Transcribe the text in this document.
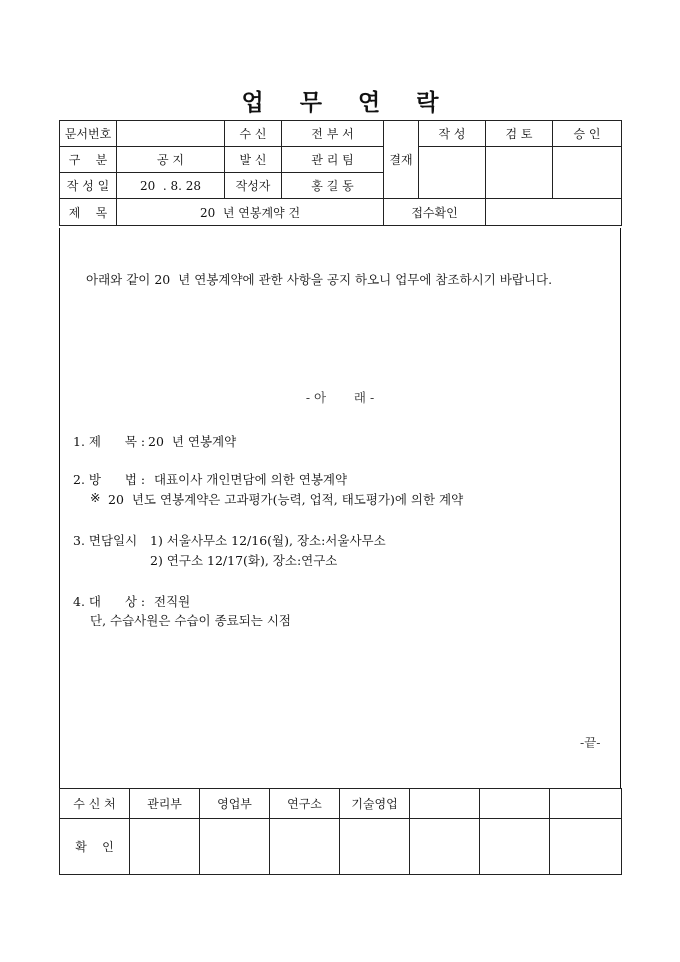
업 무 연 락
문서번호		수 신	전 부 서	결재	작 성	검 토	승 인
구    분	공 지	발 신	관 리 팀				
작 성 일	20  . 8. 28	작성자	홍 길 동				
제    목	20  년 연봉계약 건			접수확인			
아래와 같이 20  년 연봉계약에 관한 사항을 공지 하오니 업무에 참조하시기 바랍니다.
- 아       래 -
1. 제      목 : 20  년 연봉계약
2. 방      법 : 대표이사 개인면담에 의한 연봉계약
※ 20  년도 연봉계약은 고과평가(능력, 업적, 태도평가)에 의한 계약
3. 면담일시 1) 서울사무소 12/16(월), 장소:서울사무소
2) 연구소 12/17(화), 장소:연구소
4. 대      상 : 전직원
단, 수습사원은 수습이 종료되는 시점
-끝-
수 신 처	관리부	영업부	연구소	기술영업			
확    인							
